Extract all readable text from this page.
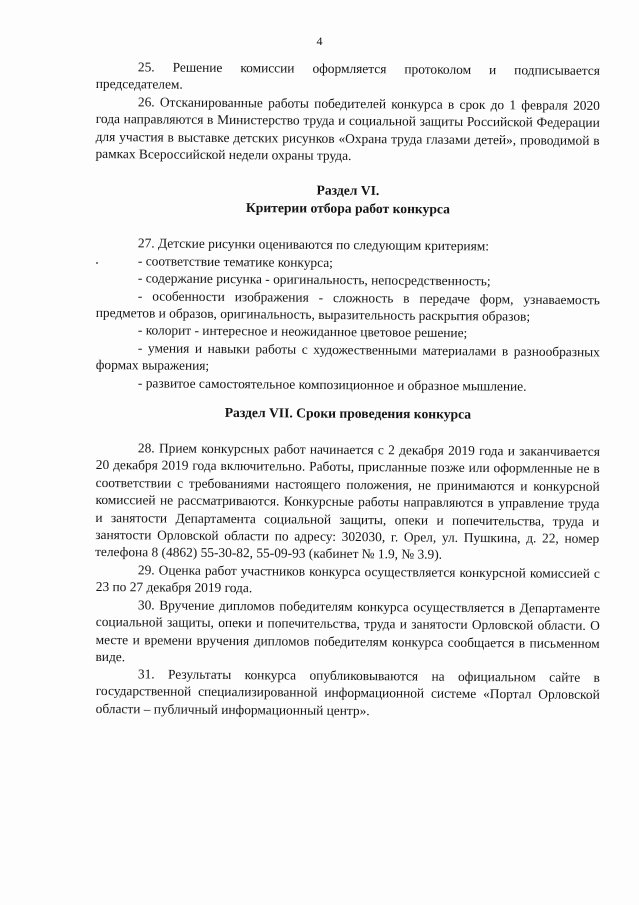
4

25. Решение комиссии оформляется протоколом и подписывается председателем.

26. Отсканированные работы победителей конкурса в срок до 1 февраля 2020 года направляются в Министерство труда и социальной защиты Российской Федерации для участия в выставке детских рисунков «Охрана труда глазами детей», проводимой в рамках Всероссийской недели охраны труда.

Раздел VI.

Критерии отбора работ конкурса

27. Детские рисунки оцениваются по следующим критериям:

- соответствие тематике конкурса;

- содержание рисунка - оригинальность, непосредственность;

- особенности изображения - сложность в передаче форм, узнаваемость предметов и образов, оригинальность, выразительность раскрытия образов;

- колорит - интересное и неожиданное цветовое решение;

- умения и навыки работы с художественными материалами в разнообразных формах выражения;

- развитое самостоятельное композиционное и образное мышление.

Раздел VII. Сроки проведения конкурса

28. Прием конкурсных работ начинается с 2 декабря 2019 года и заканчивается 20 декабря 2019 года включительно. Работы, присланные позже или оформленные не в соответствии с требованиями настоящего положения, не принимаются и конкурсной комиссией не рассматриваются. Конкурсные работы направляются в управление труда и занятости Департамента социальной защиты, опеки и попечительства, труда и занятости Орловской области по адресу: 302030, г. Орел, ул. Пушкина, д. 22, номер телефона 8 (4862) 55-30-82, 55-09-93 (кабинет № 1.9, № 3.9).

29. Оценка работ участников конкурса осуществляется конкурсной комиссией с 23 по 27 декабря 2019 года.

30. Вручение дипломов победителям конкурса осуществляется в Департаменте социальной защиты, опеки и попечительства, труда и занятости Орловской области. О месте и времени вручения дипломов победителям конкурса сообщается в письменном виде.

31. Результаты конкурса опубликовываются на официальном сайте в государственной специализированной информационной системе «Портал Орловской области – публичный информационный центр».
